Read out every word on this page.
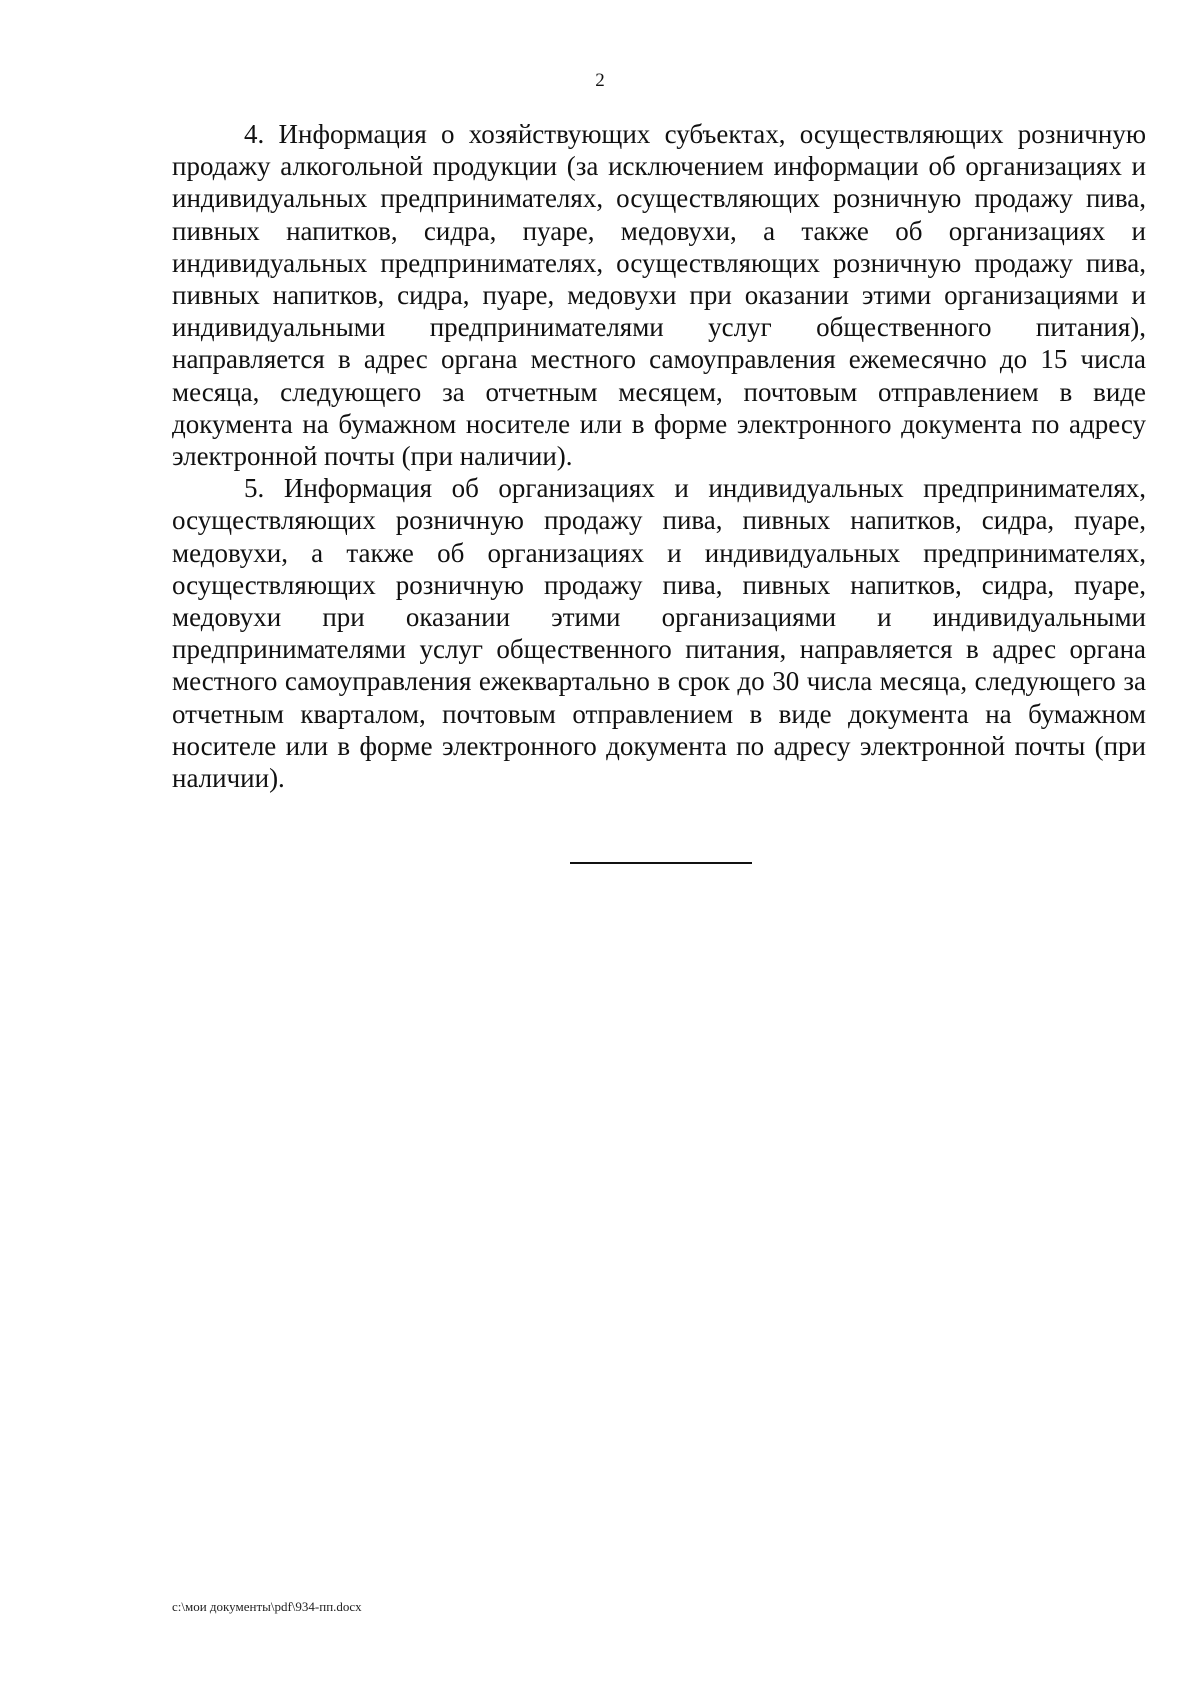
2

4. Информация о хозяйствующих субъектах, осуществляющих розничную продажу алкогольной продукции (за исключением информации об организациях и индивидуальных предпринимателях, осуществляющих розничную продажу пива, пивных напитков, сидра, пуаре, медовухи, а также об организациях и индивидуальных предпринимателях, осуществляющих розничную продажу пива, пивных напитков, сидра, пуаре, медовухи при оказании этими организациями и индивидуальными предпринимателями услуг общественного питания), направляется в адрес органа местного самоуправления ежемесячно до 15 числа месяца, следующего за отчетным месяцем, почтовым отправлением в виде документа на бумажном носителе или в форме электронного документа по адресу электронной почты (при наличии).

5. Информация об организациях и индивидуальных предпринимателях, осуществляющих розничную продажу пива, пивных напитков, сидра, пуаре, медовухи, а также об организациях и индивидуальных предпринимателях, осуществляющих розничную продажу пива, пивных напитков, сидра, пуаре, медовухи при оказании этими организациями и индивидуальными предпринимателями услуг общественного питания, направляется в адрес органа местного самоуправления ежеквартально в срок до 30 числа месяца, следующего за отчетным кварталом, почтовым отправлением в виде документа на бумажном носителе или в форме электронного документа по адресу электронной почты (при наличии).

c:\мои документы\pdf\934-пп.docx
